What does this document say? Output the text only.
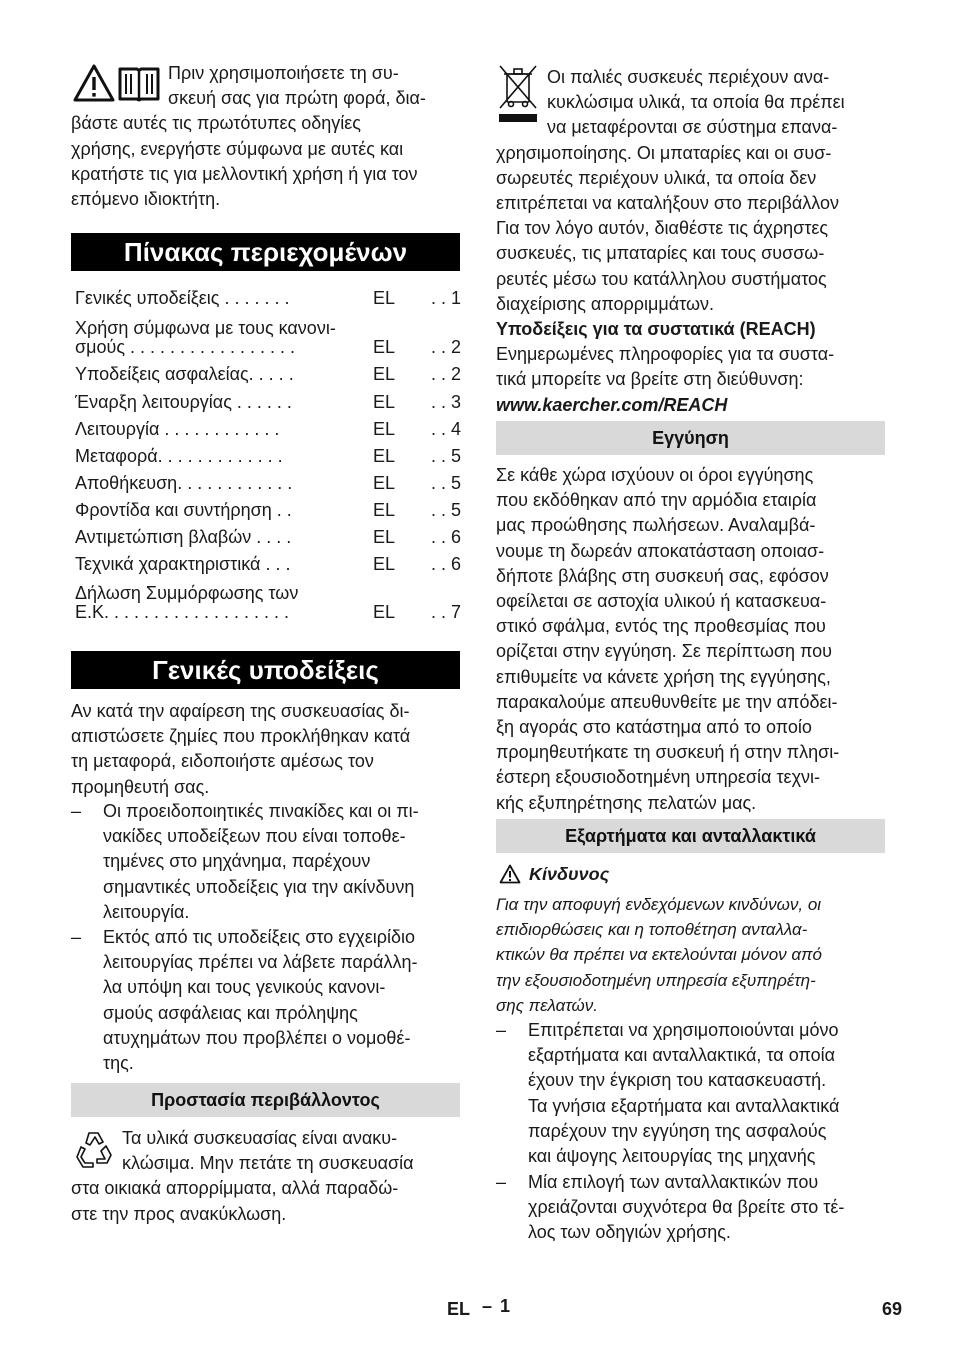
Πριν χρησιμοποιήσετε τη συ-
σκευή σας για πρώτη φορά, δια-
βάστε αυτές τις πρωτότυπες οδηγίες
χρήσης, ενεργήστε σύμφωνα με αυτές και
κρατήστε τις για μελλοντική χρήση ή για τον
επόμενο ιδιοκτήτη.

Πίνακας περιεχομένων
Γενικές υποδείξεις . . . . . . .	EL . . 1
Χρήση σύμφωνα με τους κανονι-
σμούς . . . . . . . . . . . . . . . . .	EL . . 2
Υποδείξεις ασφαλείας. . . . .	EL . . 2
Έναρξη λειτουργίας . . . . . .	EL . . 3
Λειτουργία . . . . . . . . . . . .	EL . . 4
Μεταφορά. . . . . . . . . . . . .	EL . . 5
Αποθήκευση. . . . . . . . . . . .	EL . . 5
Φροντίδα και συντήρηση . .	EL . . 5
Αντιμετώπιση βλαβών . . . .	EL . . 6
Τεχνικά χαρακτηριστικά . . .	EL . . 6
Δήλωση Συμμόρφωσης των
Ε.Κ. . . . . . . . . . . . . . . . . . .	EL . . 7
Γενικές υποδείξεις

Αν κατά την αφαίρεση της συσκευασίας δι-
απιστώσετε ζημίες που προκλήθηκαν κατά
τη μεταφορά, ειδοποιήστε αμέσως τον
προμηθευτή σας.

– Οι προειδοποιητικές πινακίδες και οι πι-
νακίδες υποδείξεων που είναι τοποθε-
τημένες στο μηχάνημα, παρέχουν
σημαντικές υποδείξεις για την ακίνδυνη
λειτουργία.
– Εκτός από τις υποδείξεις στο εγχειρίδιο
λειτουργίας πρέπει να λάβετε παράλλη-
λα υπόψη και τους γενικούς κανονι-
σμούς ασφάλειας και πρόληψης
ατυχημάτων που προβλέπει ο νομοθέ-
της.
Προστασία περιβάλλοντος

Τα υλικά συσκευασίας είναι ανακυ-
κλώσιμα. Μην πετάτε τη συσκευασία
στα οικιακά απορρίμματα, αλλά παραδώ-
στε την προς ανακύκλωση.

Οι παλιές συσκευές περιέχουν ανα-
κυκλώσιμα υλικά, τα οποία θα πρέπει
να μεταφέρονται σε σύστημα επανα-
χρησιμοποίησης. Οι μπαταρίες και οι συσ-
σωρευτές περιέχουν υλικά, τα οποία δεν
επιτρέπεται να καταλήξουν στο περιβάλλον
Για τον λόγο αυτόν, διαθέστε τις άχρηστες
συσκευές, τις μπαταρίες και τους συσσω-
ρευτές μέσω του κατάλληλου συστήματος
διαχείρισης απορριμμάτων.
Υποδείξεις για τα συστατικά (REACH)
Ενημερωμένες πληροφορίες για τα συστα-
τικά μπορείτε να βρείτε στη διεύθυνση:
www.kaercher.com/REACH

Εγγύηση

Σε κάθε χώρα ισχύουν οι όροι εγγύησης
που εκδόθηκαν από την αρμόδια εταιρία
μας προώθησης πωλήσεων. Αναλαμβά-
νουμε τη δωρεάν αποκατάσταση οποιασ-
δήποτε βλάβης στη συσκευή σας, εφόσον
οφείλεται σε αστοχία υλικού ή κατασκευα-
στικό σφάλμα, εντός της προθεσμίας που
ορίζεται στην εγγύηση. Σε περίπτωση που
επιθυμείτε να κάνετε χρήση της εγγύησης,
παρακαλούμε απευθυνθείτε με την απόδει-
ξη αγοράς στο κατάστημα από το οποίο
προμηθευτήκατε τη συσκευή ή στην πλησι-
έστερη εξουσιοδοτημένη υπηρεσία τεχνι-
κής εξυπηρέτησης πελατών μας.

Εξαρτήματα και ανταλλακτικά
Κίνδυνος

Για την αποφυγή ενδεχόμενων κινδύνων, οι
επιδιορθώσεις και η τοποθέτηση ανταλλα-
κτικών θα πρέπει να εκτελούνται μόνον από
την εξουσιοδοτημένη υπηρεσία εξυπηρέτη-
σης πελατών.

– Επιτρέπεται να χρησιμοποιούνται μόνο
εξαρτήματα και ανταλλακτικά, τα οποία
έχουν την έγκριση του κατασκευαστή.
Τα γνήσια εξαρτήματα και ανταλλακτικά
παρέχουν την εγγύηση της ασφαλούς
και άψογης λειτουργίας της μηχανής
– Μία επιλογή των ανταλλακτικών που
χρειάζονται συχνότερα θα βρείτε στο τέ-
λος των οδηγιών χρήσης.
EL – 1	69
